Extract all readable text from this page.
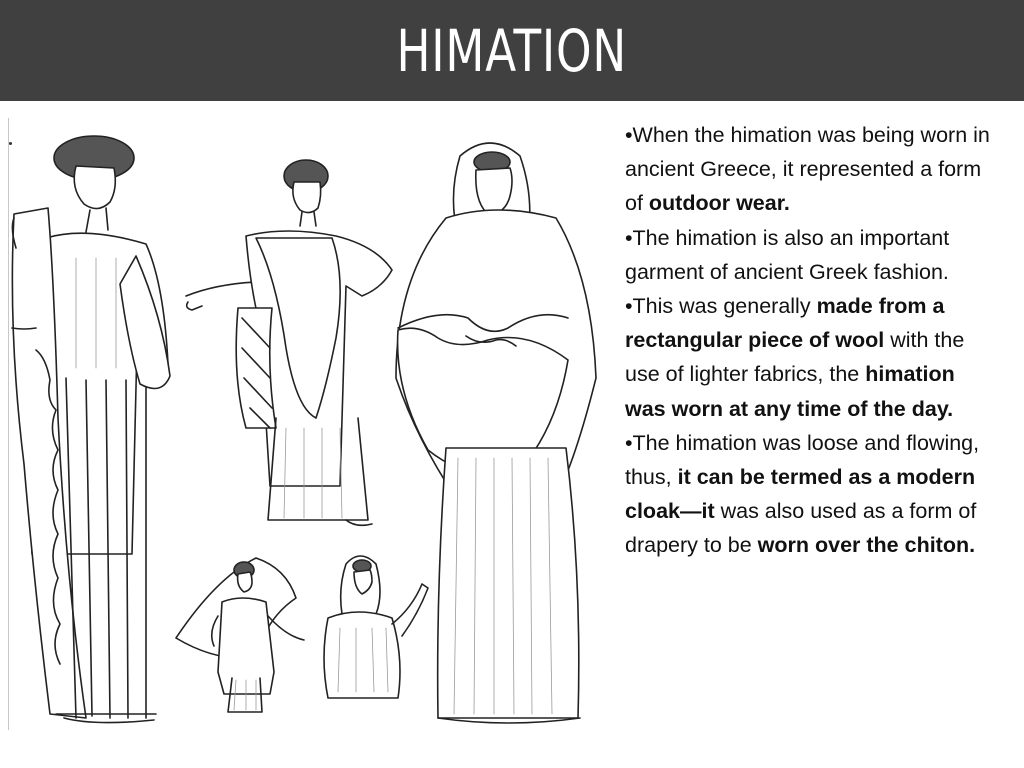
HIMATION

•When the himation was being worn in ancient Greece, it represented a form of outdoor wear.

•The himation is also an important garment of ancient Greek fashion.

•This was generally made from a rectangular piece of wool with the use of lighter fabrics, the himation was worn at any time of the day.

•The himation was loose and flowing, thus, it can be termed as a modern cloak—it was also used as a form of drapery to be worn over the chiton.
